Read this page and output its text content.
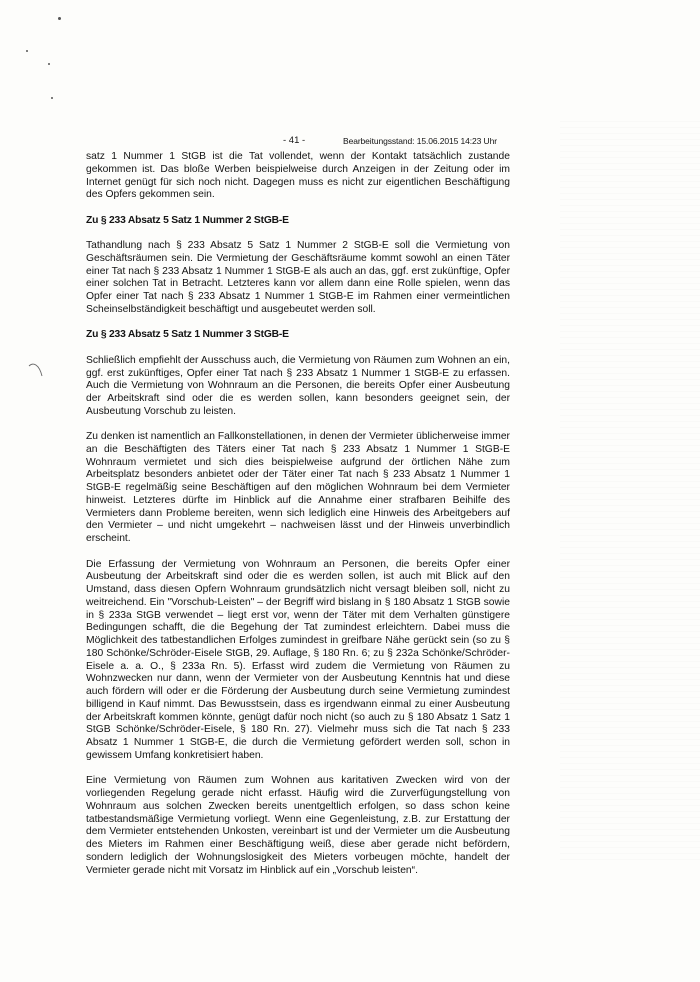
- 41 -	Bearbeitungsstand: 15.06.2015 14:23 Uhr

satz 1 Nummer 1 StGB ist die Tat vollendet, wenn der Kontakt tatsächlich zustande gekommen ist. Das bloße Werben beispielweise durch Anzeigen in der Zeitung oder im Internet genügt für sich noch nicht. Dagegen muss es nicht zur eigentlichen Beschäftigung des Opfers gekommen sein.

Zu § 233 Absatz 5 Satz 1 Nummer 2 StGB-E

Tathandlung nach § 233 Absatz 5 Satz 1 Nummer 2 StGB-E soll die Vermietung von Geschäftsräumen sein. Die Vermietung der Geschäftsräume kommt sowohl an einen Täter einer Tat nach § 233 Absatz 1 Nummer 1 StGB-E als auch an das, ggf. erst zukünftige, Opfer einer solchen Tat in Betracht. Letzteres kann vor allem dann eine Rolle spielen, wenn das Opfer einer Tat nach § 233 Absatz 1 Nummer 1 StGB-E im Rahmen einer vermeintlichen Scheinselbständigkeit beschäftigt und ausgebeutet werden soll.

Zu § 233 Absatz 5 Satz 1 Nummer 3 StGB-E

Schließlich empfiehlt der Ausschuss auch, die Vermietung von Räumen zum Wohnen an ein, ggf. erst zukünftiges, Opfer einer Tat nach § 233 Absatz 1 Nummer 1 StGB-E zu erfassen. Auch die Vermietung von Wohnraum an die Personen, die bereits Opfer einer Ausbeutung der Arbeitskraft sind oder die es werden sollen, kann besonders geeignet sein, der Ausbeutung Vorschub zu leisten.

Zu denken ist namentlich an Fallkonstellationen, in denen der Vermieter üblicherweise immer an die Beschäftigten des Täters einer Tat nach § 233 Absatz 1 Nummer 1 StGB-E Wohnraum vermietet und sich dies beispielweise aufgrund der örtlichen Nähe zum Arbeitsplatz besonders anbietet oder der Täter einer Tat nach § 233 Absatz 1 Nummer 1 StGB-E regelmäßig seine Beschäftigen auf den möglichen Wohnraum bei dem Vermieter hinweist. Letzteres dürfte im Hinblick auf die Annahme einer strafbaren Beihilfe des Vermieters dann Probleme bereiten, wenn sich lediglich eine Hinweis des Arbeitgebers auf den Vermieter – und nicht umgekehrt – nachweisen lässt und der Hinweis unverbindlich erscheint.

Die Erfassung der Vermietung von Wohnraum an Personen, die bereits Opfer einer Ausbeutung der Arbeitskraft sind oder die es werden sollen, ist auch mit Blick auf den Umstand, dass diesen Opfern Wohnraum grundsätzlich nicht versagt bleiben soll, nicht zu weitreichend. Ein "Vorschub-Leisten" – der Begriff wird bislang in § 180 Absatz 1 StGB sowie in § 233a StGB verwendet – liegt erst vor, wenn der Täter mit dem Verhalten günstigere Bedingungen schafft, die die Begehung der Tat zumindest erleichtern. Dabei muss die Möglichkeit des tatbestandlichen Erfolges zumindest in greifbare Nähe gerückt sein (so zu § 180 Schönke/Schröder-Eisele StGB, 29. Auflage, § 180 Rn. 6; zu § 232a Schönke/Schröder-Eisele a. a. O., § 233a Rn. 5). Erfasst wird zudem die Vermietung von Räumen zu Wohnzwecken nur dann, wenn der Vermieter von der Ausbeutung Kenntnis hat und diese auch fördern will oder er die Förderung der Ausbeutung durch seine Vermietung zumindest billigend in Kauf nimmt. Das Bewusstsein, dass es irgendwann einmal zu einer Ausbeutung der Arbeitskraft kommen könnte, genügt dafür noch nicht (so auch zu § 180 Absatz 1 Satz 1 StGB Schönke/Schröder-Eisele, § 180 Rn. 27). Vielmehr muss sich die Tat nach § 233 Absatz 1 Nummer 1 StGB-E, die durch die Vermietung gefördert werden soll, schon in gewissem Umfang konkretisiert haben.

Eine Vermietung von Räumen zum Wohnen aus karitativen Zwecken wird von der vorliegenden Regelung gerade nicht erfasst. Häufig wird die Zurverfügungstellung von Wohnraum aus solchen Zwecken bereits unentgeltlich erfolgen, so dass schon keine tatbestandsmäßige Vermietung vorliegt. Wenn eine Gegenleistung, z.B. zur Erstattung der dem Vermieter entstehenden Unkosten, vereinbart ist und der Vermieter um die Ausbeutung des Mieters im Rahmen einer Beschäftigung weiß, diese aber gerade nicht befördern, sondern lediglich der Wohnungslosigkeit des Mieters vorbeugen möchte, handelt der Vermieter gerade nicht mit Vorsatz im Hinblick auf ein „Vorschub leisten“.
